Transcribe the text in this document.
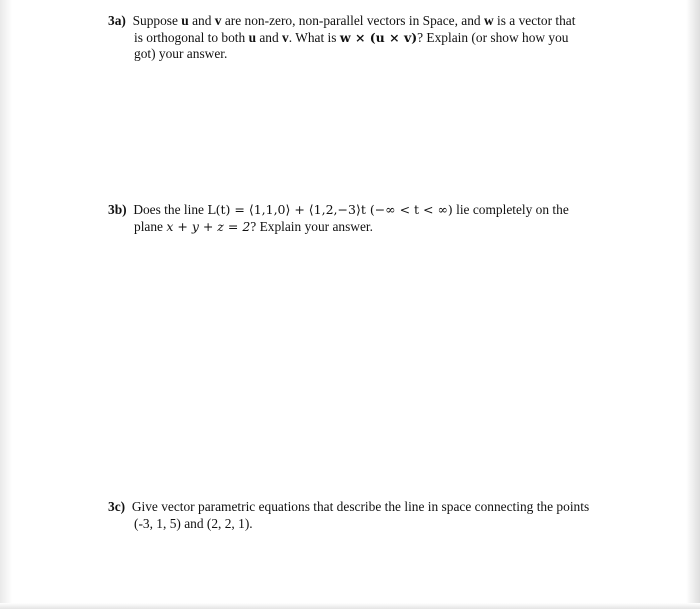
3a) Suppose u and v are non-zero, non-parallel vectors in Space, and w is a vector that
is orthogonal to both u and v. What is w × (u × v)? Explain (or show how you
got) your answer.
3b) Does the line L(t) = ⟨1,1,0⟩ + ⟨1,2,−3⟩t (−∞ < t < ∞) lie completely on the
plane x + y + z = 2? Explain your answer.
3c) Give vector parametric equations that describe the line in space connecting the points
(-3, 1, 5) and (2, 2, 1).
